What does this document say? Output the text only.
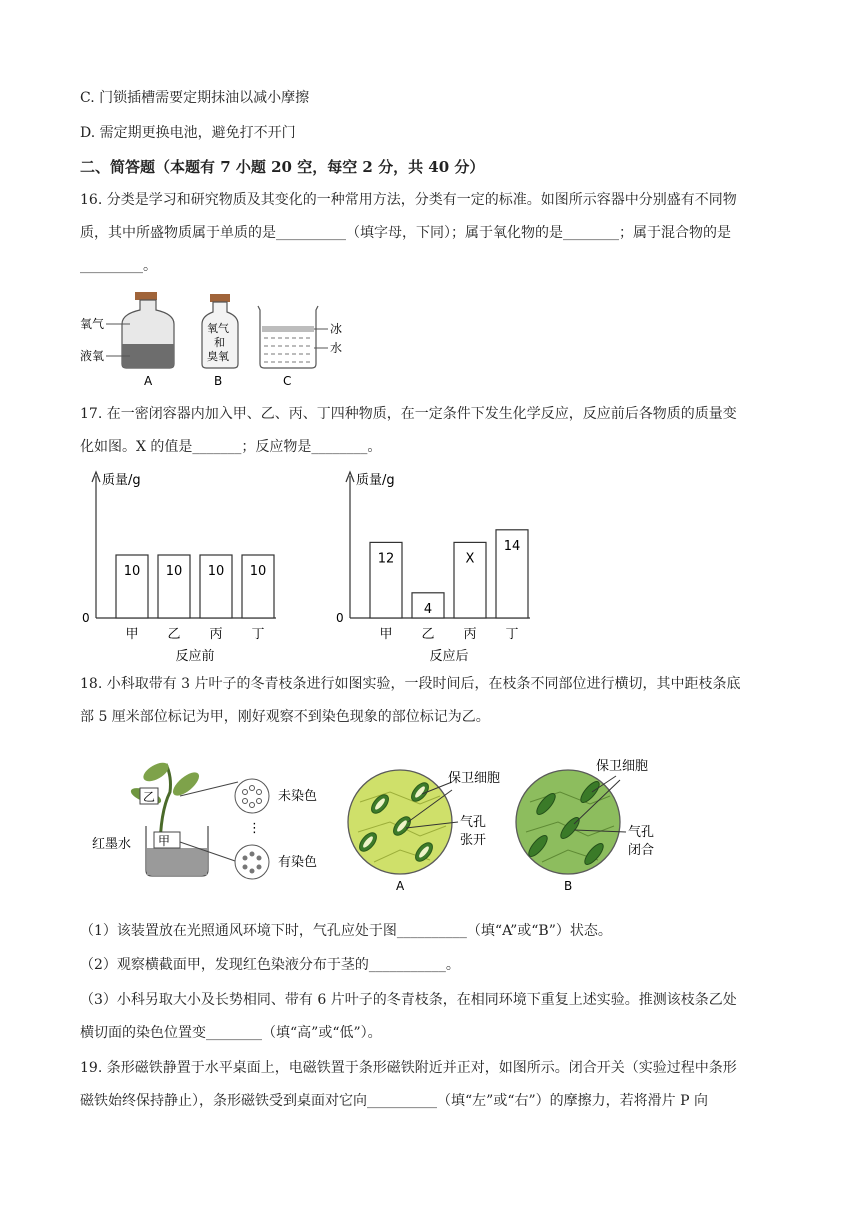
C. 门锁插槽需要定期抹油以减小摩擦
D. 需定期更换电池，避免打不开门
二、简答题（本题有 7 小题 20 空，每空 2 分，共 40 分）
16. 分类是学习和研究物质及其变化的一种常用方法，分类有一定的标准。如图所示容器中分别盛有不同物
质，其中所盛物质属于单质的是__________（填字母，下同）；属于氧化物的是________；属于混合物的是
_________。
氧气
液氧
A
氧气
和
臭氧
B
冰
水
C
17. 在一密闭容器内加入甲、乙、丙、丁四种物质，在一定条件下发生化学反应，反应前后各物质的质量变
化如图。X 的值是_______；反应物是________。
质量/g
0
10
甲
10
乙
10
丙
10
丁
反应前
质量/g
0
12
甲
4
乙
X
丙
14
丁
反应后
18. 小科取带有 3 片叶子的冬青枝条进行如图实验，一段时间后，在枝条不同部位进行横切，其中距枝条底
部 5 厘米部位标记为甲，刚好观察不到染色现象的部位标记为乙。
乙
甲
红墨水
未染色
⋮
有染色
保卫细胞
气孔
张开
A
保卫细胞
气孔
闭合
B
（1）该装置放在光照通风环境下时，气孔应处于图__________（填“A”或“B”）状态。
（2）观察横截面甲，发现红色染液分布于茎的___________。
（3）小科另取大小及长势相同、带有 6 片叶子的冬青枝条，在相同环境下重复上述实验。推测该枝条乙处
横切面的染色位置变________（填“高”或“低”）。
19. 条形磁铁静置于水平桌面上，电磁铁置于条形磁铁附近并正对，如图所示。闭合开关（实验过程中条形
磁铁始终保持静止），条形磁铁受到桌面对它向__________（填“左”或“右”）的摩擦力，若将滑片 P 向
